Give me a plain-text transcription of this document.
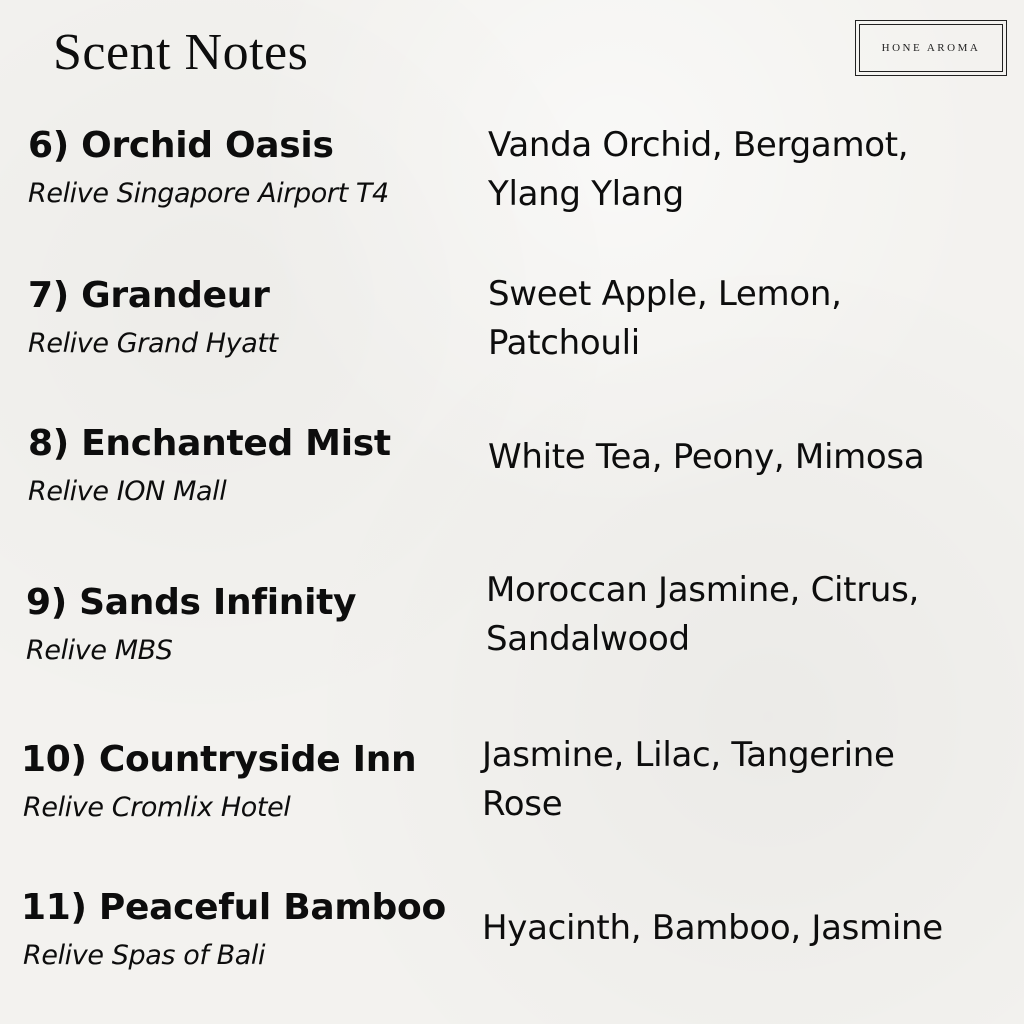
Scent Notes	HONE AROMA
6) Orchid Oasis
Relive Singapore Airport T4
Vanda Orchid, Bergamot, Ylang Ylang
7) Grandeur
Relive Grand Hyatt
Sweet Apple, Lemon, Patchouli
8) Enchanted Mist
Relive ION Mall
White Tea, Peony, Mimosa
9) Sands Infinity
Relive MBS
Moroccan Jasmine, Citrus, Sandalwood
10) Countryside Inn
Relive Cromlix Hotel
Jasmine, Lilac, Tangerine Rose
11) Peaceful Bamboo
Relive Spas of Bali
Hyacinth, Bamboo, Jasmine
